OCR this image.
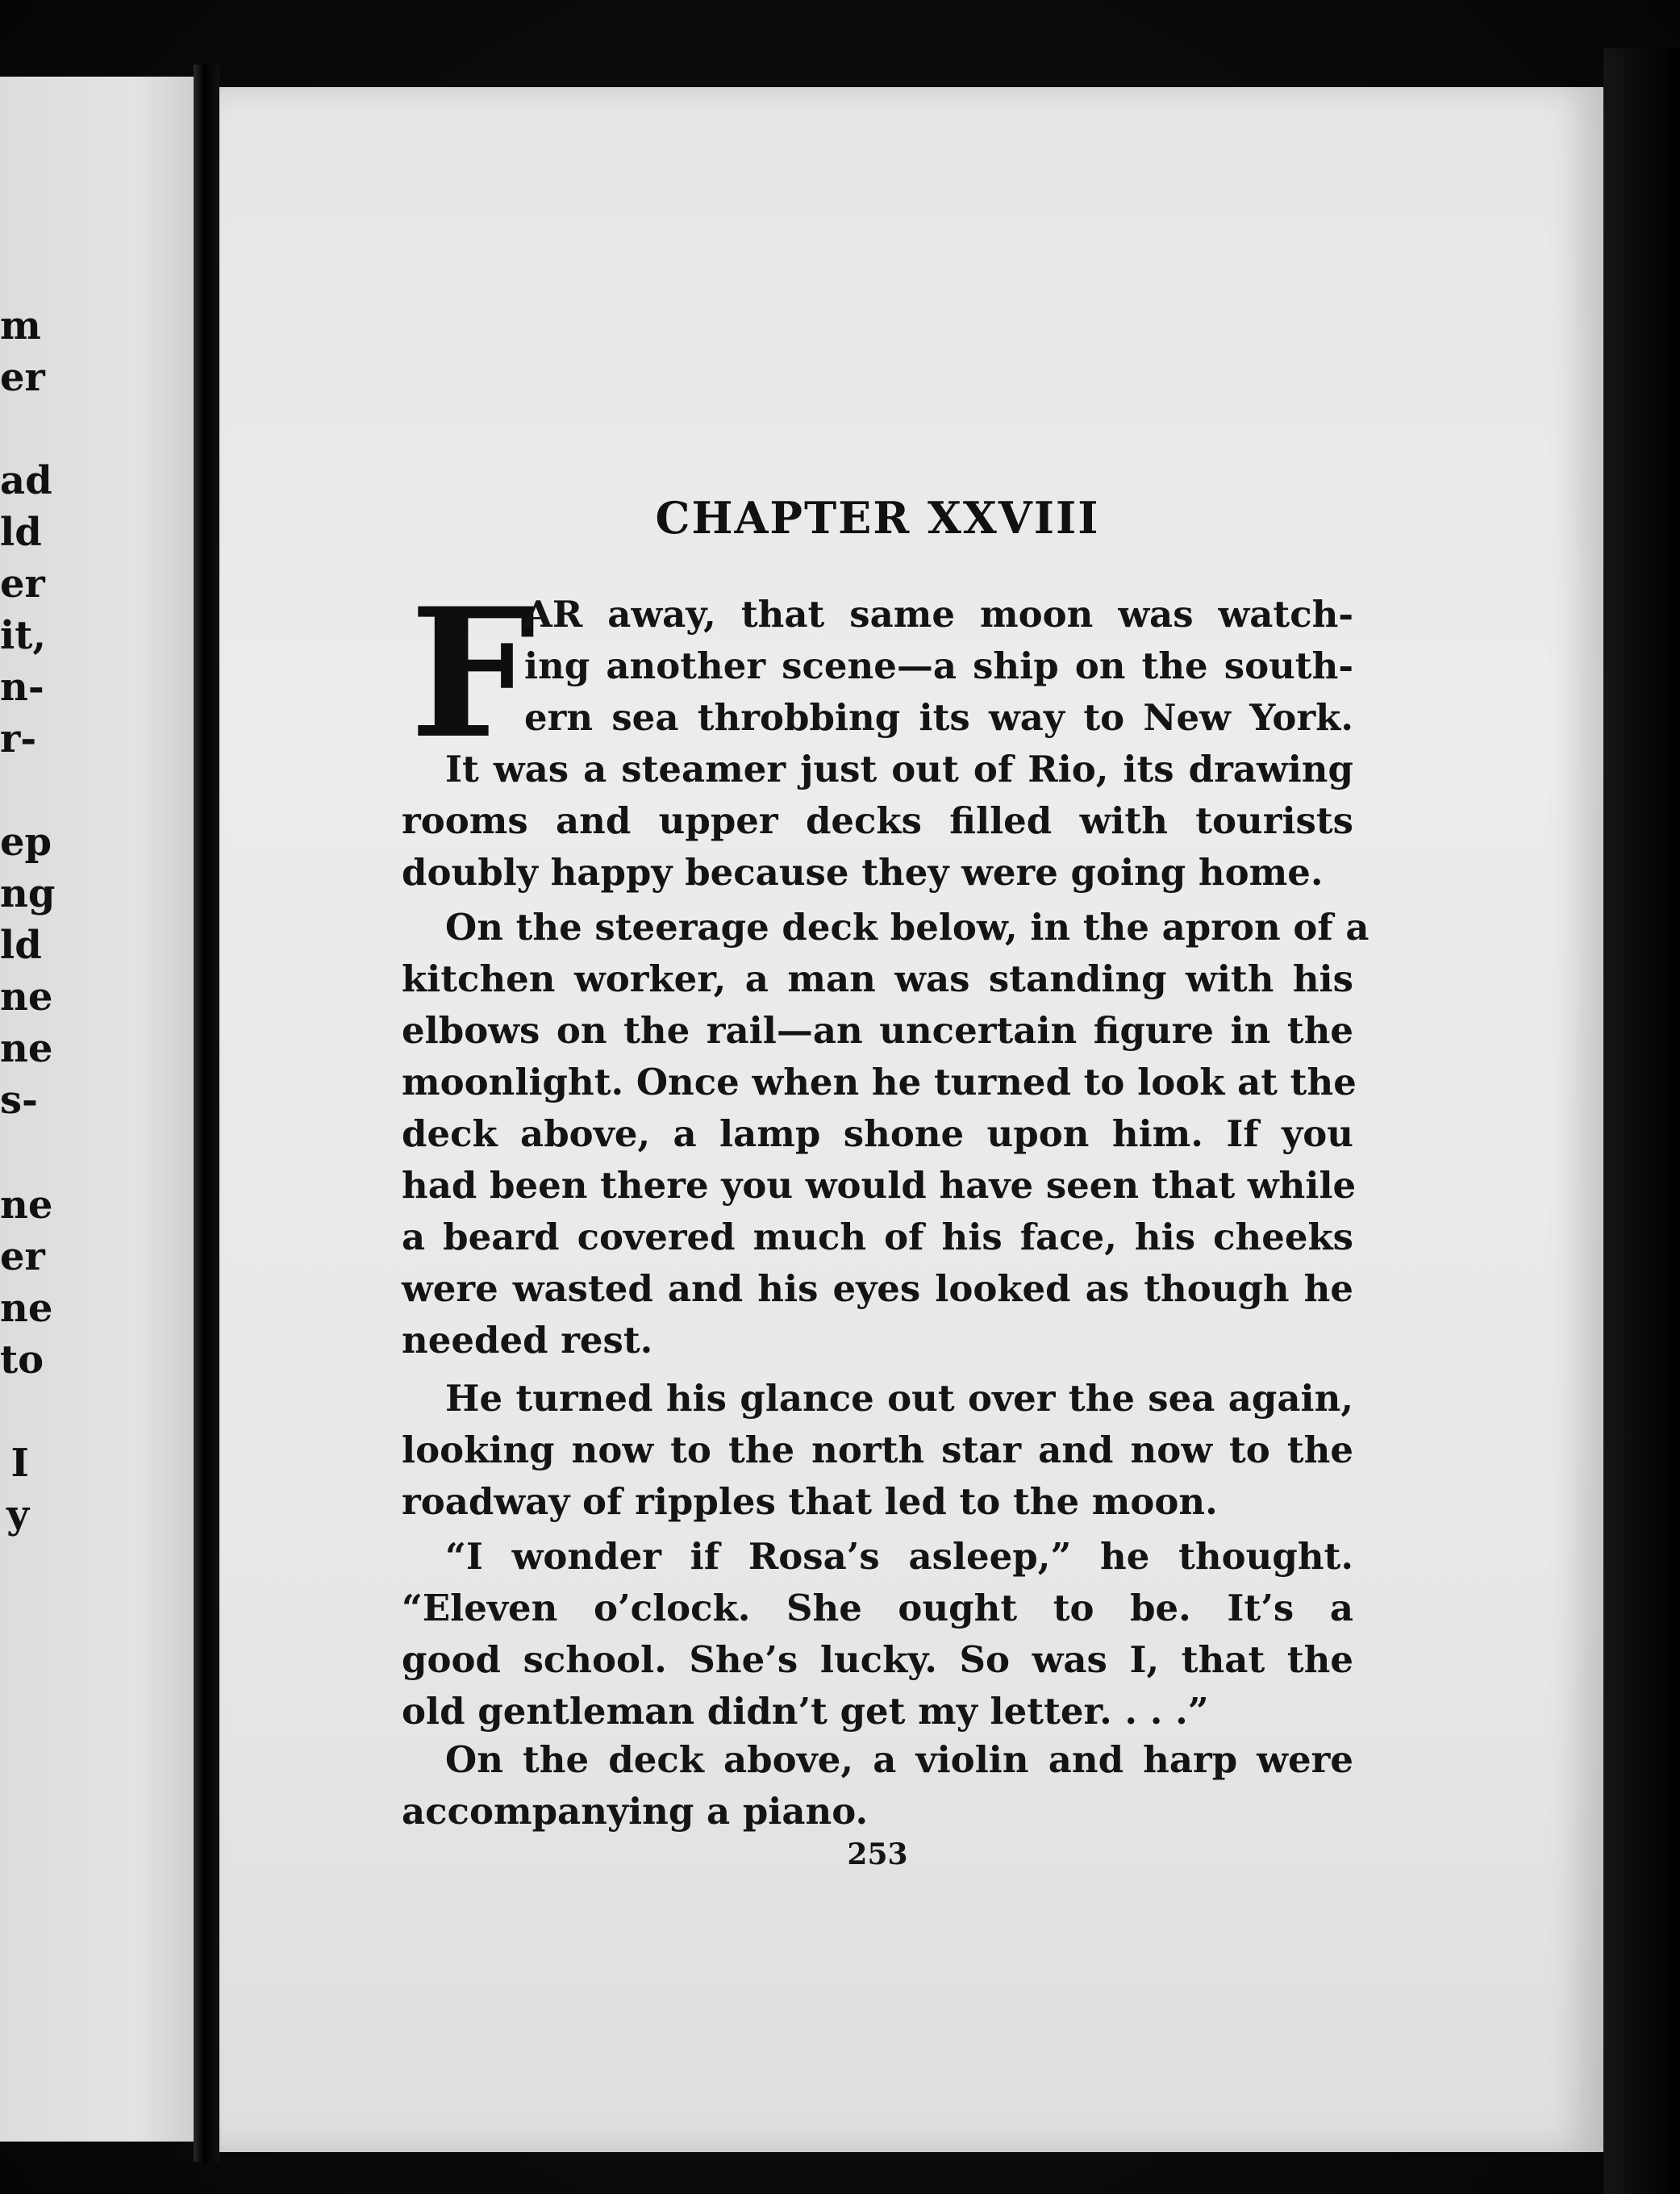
m
er
ad
ld
er
it,
n-
r-
ep
ng
ld
ne
ne
s-
ne
er
ne
to
I
y
CHAPTER XXVIII
F
AR away, that same moon was watch-
ing another scene—a ship on the south-
ern sea throbbing its way to New York.
It was a steamer just out of Rio, its drawing
rooms and upper decks filled with tourists
doubly happy because they were going home.
On the steerage deck below, in the apron of a
kitchen worker, a man was standing with his
elbows on the rail—an uncertain figure in the
moonlight. Once when he turned to look at the
deck above, a lamp shone upon him. If you
had been there you would have seen that while
a beard covered much of his face, his cheeks
were wasted and his eyes looked as though he
needed rest.
He turned his glance out over the sea again,
looking now to the north star and now to the
roadway of ripples that led to the moon.
“I wonder if Rosa’s asleep,” he thought.
“Eleven o’clock. She ought to be. It’s a
good school. She’s lucky. So was I, that the
old gentleman didn’t get my letter. . . .”
On the deck above, a violin and harp were
accompanying a piano.
253
